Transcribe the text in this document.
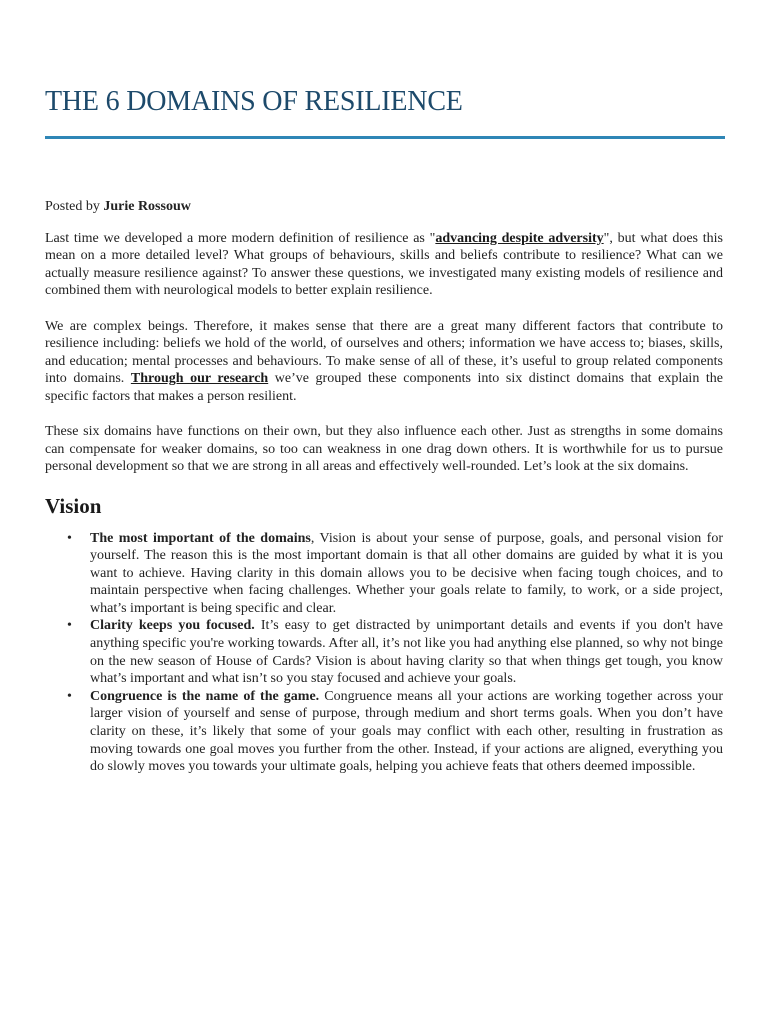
THE 6 DOMAINS OF RESILIENCE

Posted by Jurie Rossouw

Last time we developed a more modern definition of resilience as "advancing despite adversity", but what does this mean on a more detailed level? What groups of behaviours, skills and beliefs contribute to resilience? What can we actually measure resilience against? To answer these questions, we investigated many existing models of resilience and combined them with neurological models to better explain resilience.

We are complex beings. Therefore, it makes sense that there are a great many different factors that contribute to resilience including: beliefs we hold of the world, of ourselves and others; information we have access to; biases, skills, and education; mental processes and behaviours. To make sense of all of these, it’s useful to group related components into domains. Through our research we’ve grouped these components into six distinct domains that explain the specific factors that makes a person resilient.

These six domains have functions on their own, but they also influence each other. Just as strengths in some domains can compensate for weaker domains, so too can weakness in one drag down others. It is worthwhile for us to pursue personal development so that we are strong in all areas and effectively well-rounded. Let’s look at the six domains.

Vision
• The most important of the domains, Vision is about your sense of purpose, goals, and personal vision for yourself. The reason this is the most important domain is that all other domains are guided by what it is you want to achieve. Having clarity in this domain allows you to be decisive when facing tough choices, and to maintain perspective when facing challenges. Whether your goals relate to family, to work, or a side project, what’s important is being specific and clear.
• Clarity keeps you focused. It’s easy to get distracted by unimportant details and events if you don't have anything specific you're working towards. After all, it’s not like you had anything else planned, so why not binge on the new season of House of Cards? Vision is about having clarity so that when things get tough, you know what’s important and what isn’t so you stay focused and achieve your goals.
• Congruence is the name of the game. Congruence means all your actions are working together across your larger vision of yourself and sense of purpose, through medium and short terms goals. When you don’t have clarity on these, it’s likely that some of your goals may conflict with each other, resulting in frustration as moving towards one goal moves you further from the other. Instead, if your actions are aligned, everything you do slowly moves you towards your ultimate goals, helping you achieve feats that others deemed impossible.
